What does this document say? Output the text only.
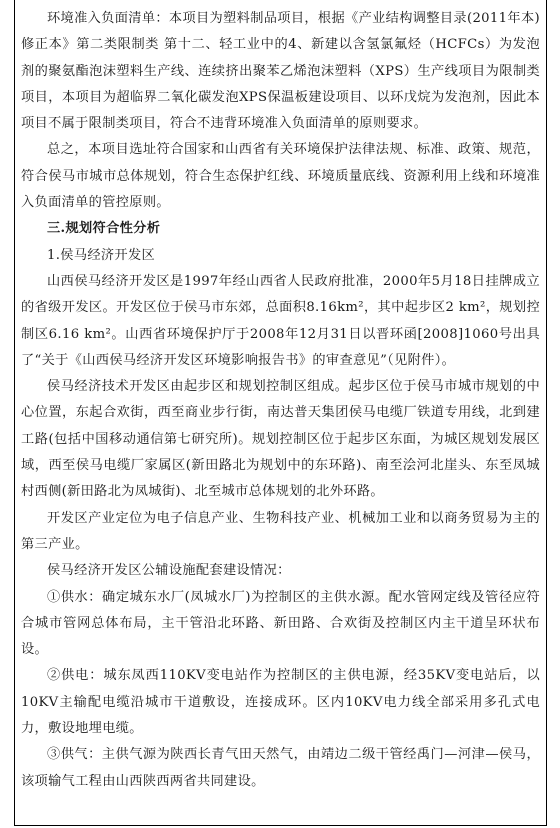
环境准入负面清单：本项目为塑料制品项目，根据《产业结构调整目录(2011年本)修正本》第二类限制类 第十二、轻工业中的4、新建以含氢氯氟烃（HCFCs）为发泡剂的聚氨酯泡沫塑料生产线、连续挤出聚苯乙烯泡沫塑料（XPS）生产线项目为限制类项目，本项目为超临界二氧化碳发泡XPS保温板建设项目、以环戊烷为发泡剂，因此本项目不属于限制类项目，符合不违背环境准入负面清单的原则要求。

总之，本项目选址符合国家和山西省有关环境保护法律法规、标准、政策、规范，符合侯马市城市总体规划，符合生态保护红线、环境质量底线、资源利用上线和环境准入负面清单的管控原则。

三.规划符合性分析

1.侯马经济开发区

山西侯马经济开发区是1997年经山西省人民政府批准，2000年5月18日挂牌成立的省级开发区。开发区位于侯马市东郊，总面积8.16km²，其中起步区2 km²，规划控制区6.16 km²。山西省环境保护厅于2008年12月31日以晋环函[2008]1060号出具了“关于《山西侯马经济开发区环境影响报告书》的审查意见”（见附件）。

侯马经济技术开发区由起步区和规划控制区组成。起步区位于侯马市城市规划的中心位置，东起合欢街，西至商业步行街，南达普天集团侯马电缆厂铁道专用线，北到建工路(包括中国移动通信第七研究所)。规划控制区位于起步区东面，为城区规划发展区域，西至侯马电缆厂家属区(新田路北为规划中的东环路)、南至浍河北崖头、东至凤城村西侧(新田路北为凤城街)、北至城市总体规划的北外环路。

开发区产业定位为电子信息产业、生物科技产业、机械加工业和以商务贸易为主的第三产业。

侯马经济开发区公辅设施配套建设情况：

①供水：确定城东水厂(凤城水厂)为控制区的主供水源。配水管网定线及管径应符合城市管网总体布局，主干管沿北环路、新田路、合欢街及控制区内主干道呈环状布设。

②供电：城东凤西110KV变电站作为控制区的主供电源，经35KV变电站后，以10KV主输配电缆沿城市干道敷设，连接成环。区内10KV电力线全部采用多孔式电力，敷设地埋电缆。

③供气：主供气源为陕西长青气田天然气，由靖边二级干管经禹门—河津—侯马，该项输气工程由山西陕西两省共同建设。
